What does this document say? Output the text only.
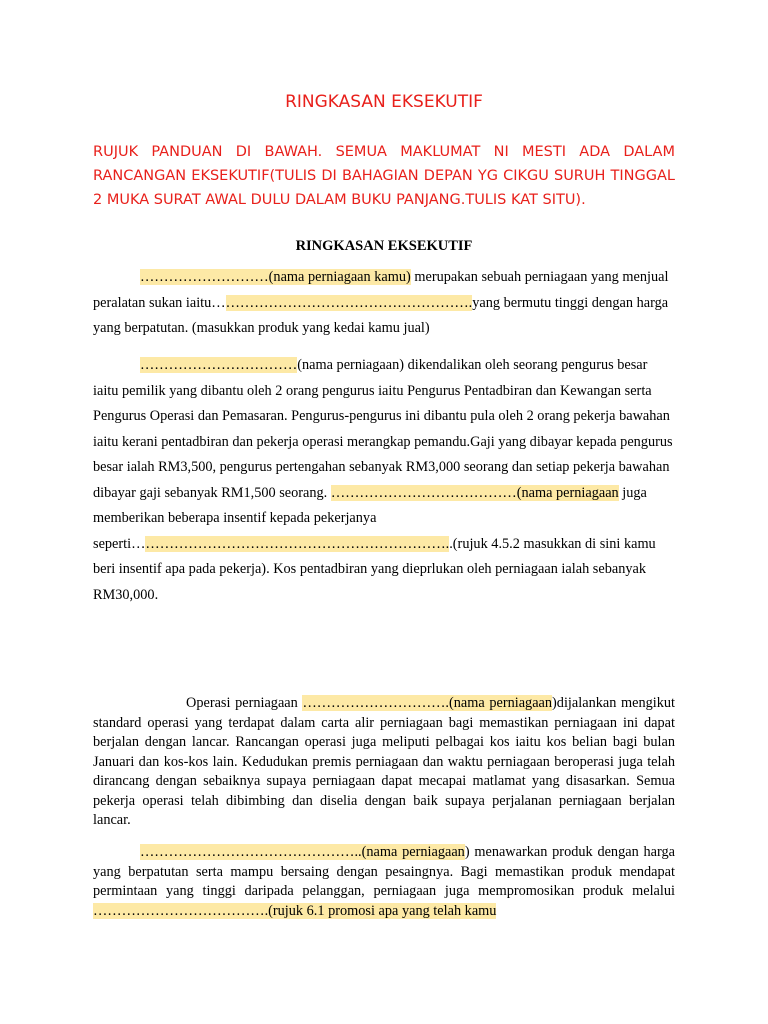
RINGKASAN EKSEKUTIF
RUJUK PANDUAN DI BAWAH. SEMUA MAKLUMAT NI MESTI ADA DALAM RANCANGAN EKSEKUTIF(TULIS DI BAHAGIAN DEPAN YG CIKGU SURUH TINGGAL 2 MUKA SURAT AWAL DULU DALAM BUKU PANJANG.TULIS KAT SITU).
RINGKASAN EKSEKUTIF
………………………(nama perniagaan kamu) merupakan sebuah perniagaan yang menjual peralatan sukan iaitu……………………………………………….yang bermutu tinggi dengan harga yang berpatutan. (masukkan produk yang kedai kamu jual)
……………………………(nama perniagaan) dikendalikan oleh seorang pengurus besar iaitu pemilik yang dibantu oleh 2 orang pengurus iaitu Pengurus Pentadbiran dan Kewangan serta Pengurus Operasi dan Pemasaran. Pengurus-pengurus ini dibantu pula oleh 2 orang pekerja bawahan iaitu kerani pentadbiran dan pekerja operasi merangkap pemandu.Gaji yang dibayar kepada pengurus besar ialah RM3,500, pengurus pertengahan sebanyak RM3,000 seorang dan setiap pekerja bawahan dibayar gaji sebanyak RM1,500 seorang. …………………………………(nama perniagaan juga memberikan beberapa insentif kepada pekerjanya seperti…………………………………………………………..(rujuk 4.5.2 masukkan di sini kamu beri insentif apa pada pekerja). Kos pentadbiran yang dieprlukan oleh perniagaan ialah sebanyak RM30,000.
Operasi perniagaan ………………………….(nama perniagaan)dijalankan mengikut standard operasi yang terdapat dalam carta alir perniagaan bagi memastikan perniagaan ini dapat berjalan dengan lancar. Rancangan operasi juga meliputi pelbagai kos iaitu kos belian bagi bulan Januari dan kos-kos lain. Kedudukan premis perniagaan dan waktu perniagaan beroperasi juga telah dirancang dengan sebaiknya supaya perniagaan dapat mecapai matlamat yang disasarkan. Semua pekerja operasi telah dibimbing dan diselia dengan baik supaya perjalanan perniagaan berjalan lancar.
………………………………………..(nama perniagaan) menawarkan produk dengan harga yang berpatutan serta mampu bersaing dengan pesaingnya. Bagi memastikan produk mendapat permintaan yang tinggi daripada pelanggan, perniagaan juga mempromosikan produk melalui ……………………………….(rujuk 6.1 promosi apa yang telah kamu
